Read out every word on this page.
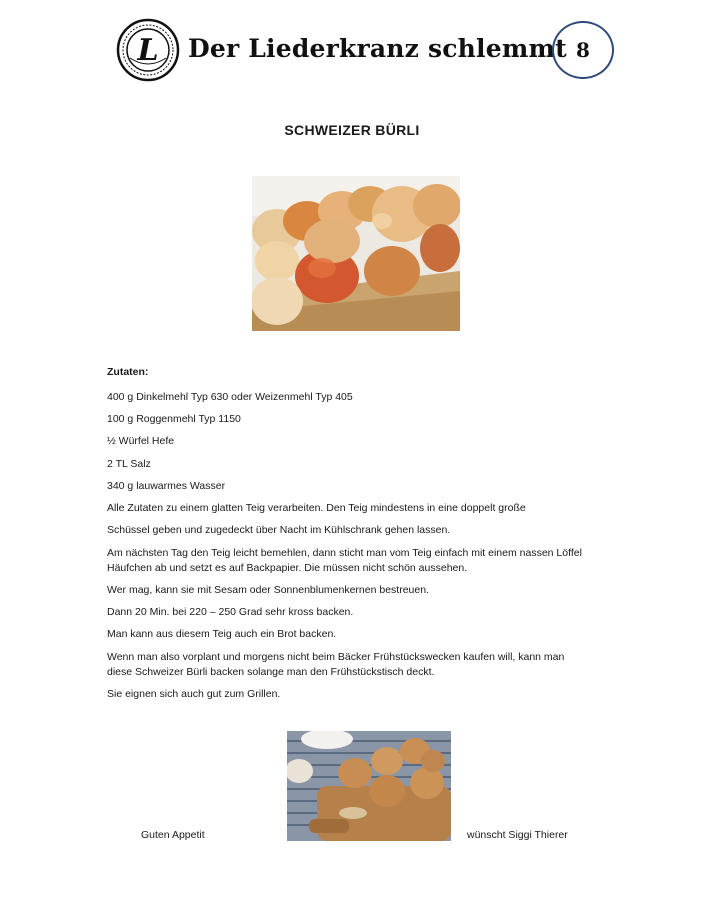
L Der Liederkranz schlemmt 8
SCHWEIZER BÜRLI
Zutaten:
400 g Dinkelmehl Typ 630 oder Weizenmehl Typ 405
100 g Roggenmehl Typ 1150
½ Würfel Hefe
2 TL Salz
340 g lauwarmes Wasser
Alle Zutaten zu einem glatten Teig verarbeiten. Den Teig mindestens in eine doppelt große
Schüssel geben und zugedeckt über Nacht im Kühlschrank gehen lassen.
Am nächsten Tag den Teig leicht bemehlen, dann sticht man vom Teig einfach mit einem nassen Löffel
Häufchen ab und setzt es auf Backpapier. Die müssen nicht schön aussehen.
Wer mag, kann sie mit Sesam oder Sonnenblumenkernen bestreuen.
Dann 20 Min. bei 220 – 250 Grad sehr kross backen.
Man kann aus diesem Teig auch ein Brot backen.
Wenn man also vorplant und morgens nicht beim Bäcker Frühstückswecken kaufen will, kann man
diese Schweizer Bürli backen solange man den Frühstückstisch deckt.
Sie eignen sich auch gut zum Grillen.
Guten Appetit	wünscht Siggi Thierer
